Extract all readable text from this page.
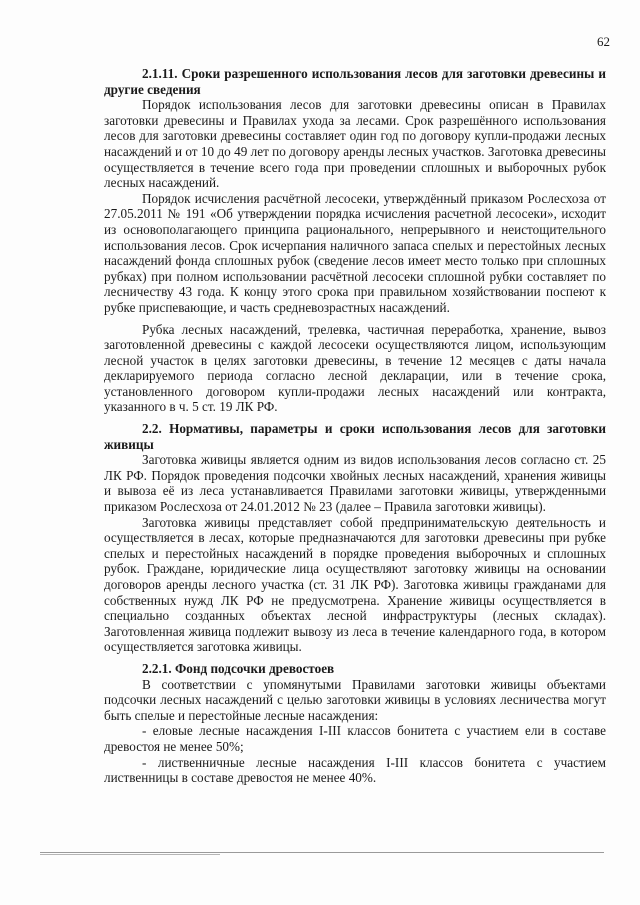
62
2.1.11. Сроки разрешенного использования лесов для заготовки древесины и другие сведения

Порядок использования лесов для заготовки древесины описан в Правилах заготовки древесины и Правилах ухода за лесами. Срок разрешённого использования лесов для заготовки древесины составляет один год по договору купли-продажи лесных насаждений и от 10 до 49 лет по договору аренды лесных участков. Заготовка древесины осуществляется в течение всего года при проведении сплошных и выборочных рубок лесных насаждений.

Порядок исчисления расчётной лесосеки, утверждённый приказом Рослесхоза от 27.05.2011 № 191 «Об утверждении порядка исчисления расчетной лесосеки», исходит из основополагающего принципа рационального, непрерывного и неистощительного использования лесов. Срок исчерпания наличного запаса спелых и перестойных лесных насаждений фонда сплошных рубок (сведение лесов имеет место только при сплошных рубках) при полном использовании расчётной лесосеки сплошной рубки составляет по лесничеству 43 года. К концу этого срока при правильном хозяйствовании поспеют к рубке приспевающие, и часть средневозрастных насаждений.

Рубка лесных насаждений, трелевка, частичная переработка, хранение, вывоз заготовленной древесины с каждой лесосеки осуществляются лицом, использующим лесной участок в целях заготовки древесины, в течение 12 месяцев с даты начала декларируемого периода согласно лесной декларации, или в течение срока, установленного договором купли-продажи лесных насаждений или контракта, указанного в ч. 5 ст. 19 ЛК РФ.

2.2. Нормативы, параметры и сроки использования лесов для заготовки живицы

Заготовка живицы является одним из видов использования лесов согласно ст. 25 ЛК РФ. Порядок проведения подсочки хвойных лесных насаждений, хранения живицы и вывоза её из леса устанавливается Правилами заготовки живицы, утвержденными приказом Рослесхоза от 24.01.2012 № 23 (далее – Правила заготовки живицы).

Заготовка живицы представляет собой предпринимательскую деятельность и осуществляется в лесах, которые предназначаются для заготовки древесины при рубке спелых и перестойных насаждений в порядке проведения выборочных и сплошных рубок. Граждане, юридические лица осуществляют заготовку живицы на основании договоров аренды лесного участка (ст. 31 ЛК РФ). Заготовка живицы гражданами для собственных нужд ЛК РФ не предусмотрена. Хранение живицы осуществляется в специально созданных объектах лесной инфраструктуры (лесных складах). Заготовленная живица подлежит вывозу из леса в течение календарного года, в котором осуществляется заготовка живицы.

2.2.1. Фонд подсочки древостоев

В соответствии с упомянутыми Правилами заготовки живицы объектами подсочки лесных насаждений с целью заготовки живицы в условиях лесничества могут быть спелые и перестойные лесные насаждения:

- еловые лесные насаждения I-III классов бонитета с участием ели в составе древостоя не менее 50%;

- лиственничные лесные насаждения I-III классов бонитета с участием лиственницы в составе древостоя не менее 40%.
